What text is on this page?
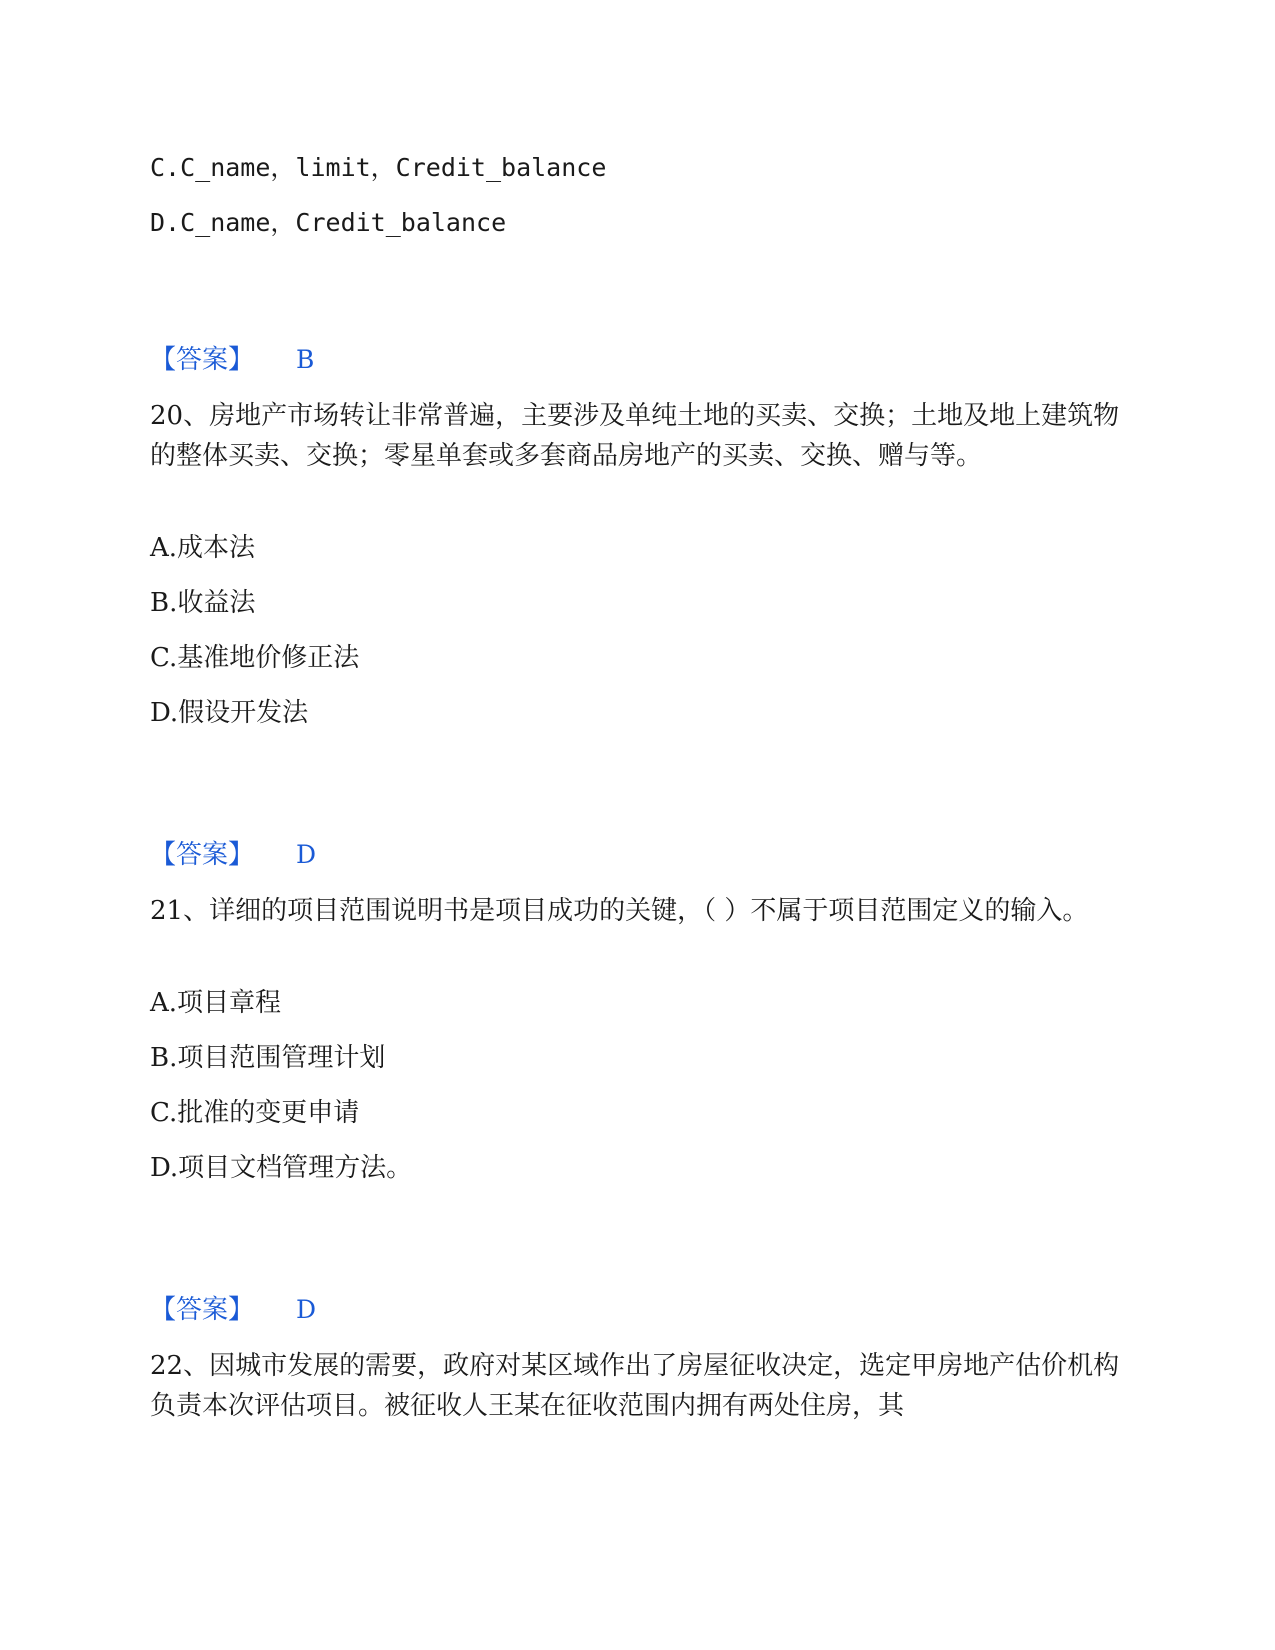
C.C_name，limit，Credit_balance
D.C_name，Credit_balance
【答案】 B
20、房地产市场转让非常普遍，主要涉及单纯土地的买卖、交换；土地及地上建筑物的整体买卖、交换；零星单套或多套商品房地产的买卖、交换、赠与等。
A.成本法
B.收益法
C.基准地价修正法
D.假设开发法
【答案】 D
21、详细的项目范围说明书是项目成功的关键，（ ）不属于项目范围定义的输入。
A.项目章程
B.项目范围管理计划
C.批准的变更申请
D.项目文档管理方法。
【答案】 D
22、因城市发展的需要，政府对某区域作出了房屋征收决定，选定甲房地产估价机构负责本次评估项目。被征收人王某在征收范围内拥有两处住房，其
